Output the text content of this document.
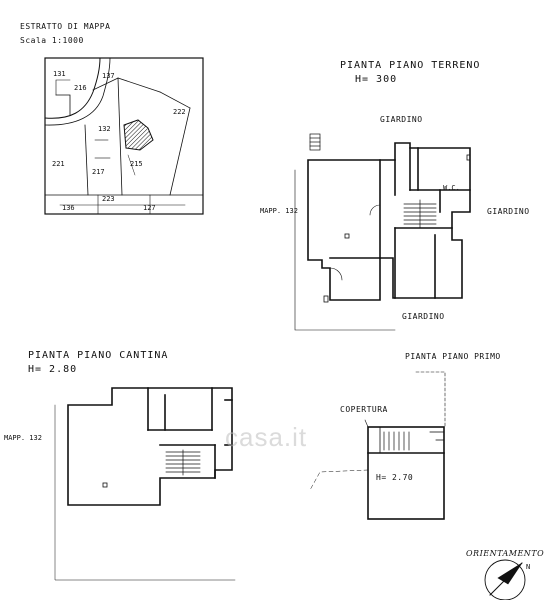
ESTRATTO DI MAPPA
Scala 1:1000
131
216
137
222
132
221
217
215
223
136	127
PIANTA PIANO TERRENO
H= 300
GIARDINO
GIARDINO
GIARDINO
W.C.
MAPP. 132
PIANTA PIANO CANTINA
H= 2.80
MAPP. 132
PIANTA PIANO PRIMO
COPERTURA
H= 2.70
ORIENTAMENTO
N
casa.it
